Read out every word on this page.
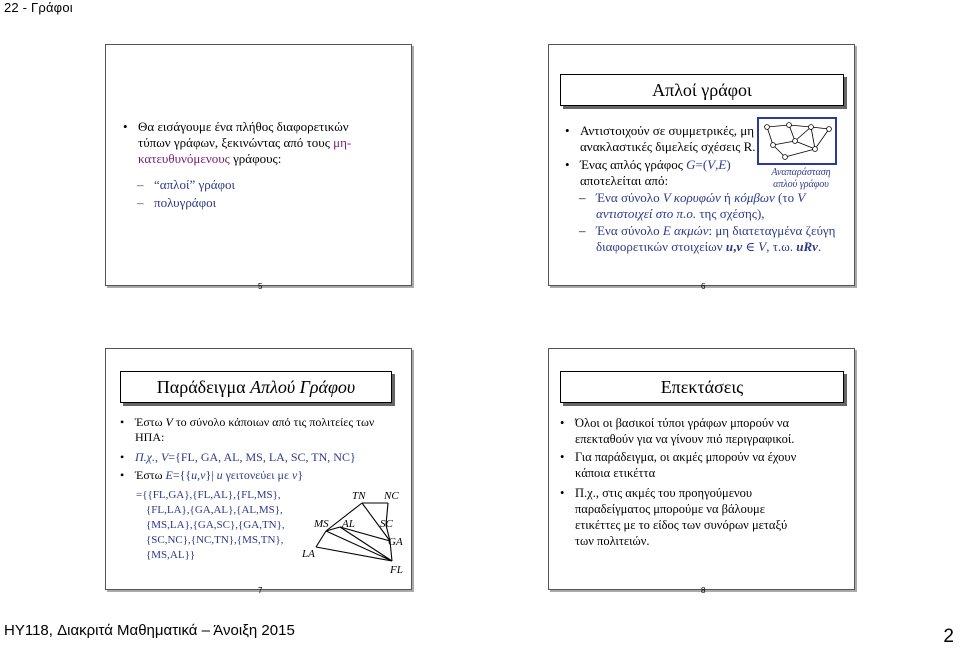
22 - Γράφοι
• Θα εισάγουμε ένα πλήθος διαφορετικών
τύπων γράφων, ξεκινώντας από τους μη-
κατευθυνόμενους γράφους:
– “απλοί” γράφοι
– πολυγράφοι
5
Απλοί γράφοι
• Αντιστοιχούν σε συμμετρικές, μη
ανακλαστικές διμελείς σχέσεις R.
• Ένας απλός γράφος G=(V,E)
αποτελείται από:
Αναπαράσταση
απλού γράφου
– Ένα σύνολο V κορυφών ή κόμβων (το V
αντιστοιχεί στο π.ο. της σχέσης),
– Ένα σύνολο E ακμών: μη διατεταγμένα ζεύγη
διαφορετικών στοιχείων u,v ∈ V, τ.ω. uRv.
6
Παράδειγμα Απλού Γράφου
• Έστω V το σύνολο κάποιων από τις πολιτείες των
ΗΠΑ:
• Π.χ., V={FL, GA, AL, MS, LA, SC, TN, NC}
• Έστω E={{u,v}| u γειτονεύει με v}
={{FL,GA},{FL,AL},{FL,MS},
{FL,LA},{GA,AL},{AL,MS},
{MS,LA},{GA,SC},{GA,TN},
{SC,NC},{NC,TN},{MS,TN},
{MS,AL}}
TN NC
MS AL SC
GA
LA
FL
7
Επεκτάσεις
• Όλοι οι βασικοί τύποι γράφων μπορούν να
επεκταθούν για να γίνουν πιό περιγραφικοί.
• Για παράδειγμα, οι ακμές μπορούν να έχουν
κάποια ετικέττα
• Π.χ., στις ακμές του προηγούμενου
παραδείγματος μπορούμε να βάλουμε
ετικέττες με το είδος των συνόρων μεταξύ
των πολιτειών.
8
HY118, Διακριτά Μαθηματικά – Άνοιξη 2015	2
